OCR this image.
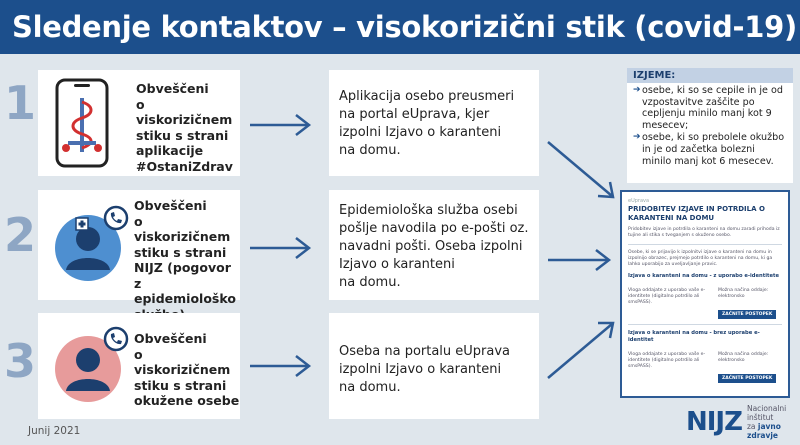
Sledenje kontaktov – visokorizični stik (covid-19)
1	Obveščeni
o viskorizičnem
stiku s strani
aplikacije
#OstaniZdrav
Aplikacija osebo preusmeri
na portal eUprava, kjer
izpolni Izjavo o karanteni
na domu.
2
Obveščeni
o viskorizičnem
stiku s strani
NIJZ (pogovor
z epidemiološko

Epidemiološka služba osebi
pošlje navodila po e-pošti oz.
navadni pošti. Oseba izpolni
Izjavo o karanteni
na domu.
3	Obveščeni
o viskorizičnem
stiku s strani
okužene osebe
Oseba na portalu eUprava
izpolni Izjavo o karanteni
na domu.
IZJEME:
➔ osebe, ki so se cepile in je od vzpostavitve zaščite po cepljenju minilo manj kot 9 mesecev;
➔ osebe, ki so prebolele okužbo in je od začetka bolezni minilo manj kot 6 mesecev.
eUprava
PRIDOBITEV IZJAVE IN POTRDILA O
KARANTENI NA DOMU
Pridobitev izjave in potrdila o karanteni na domu zaradi prihoda iz tujine ali stika s tveganjem s okuženo osebo.
Osebe, ki se prijavijo k izpolnitvi izjave o karanteni na domu in izpolnijo obrazec, prejmejo potrdilo o karanteni na domu, ki ga lahko uporabijo za uveljavljanje pravic.
Izjava o karanteni na domu - z uporabo e-identitete
Vloga oddajate z uporabo vaše e-identitete (digitalno potrdilo ali smsPASS).
Možna načina oddaje: elektronsko
ZAČNITE POSTOPEK
Izjava o karanteni na domu - brez uporabe e-identitet
Vloga oddajate z uporabo vaše e-identitete (digitalno potrdilo ali smsPASS).
Možna načina oddaje: elektronsko
ZAČNITE POSTOPEK
Junij 2021	NIJZ Nacionalni inštitut
za javno zdravje
